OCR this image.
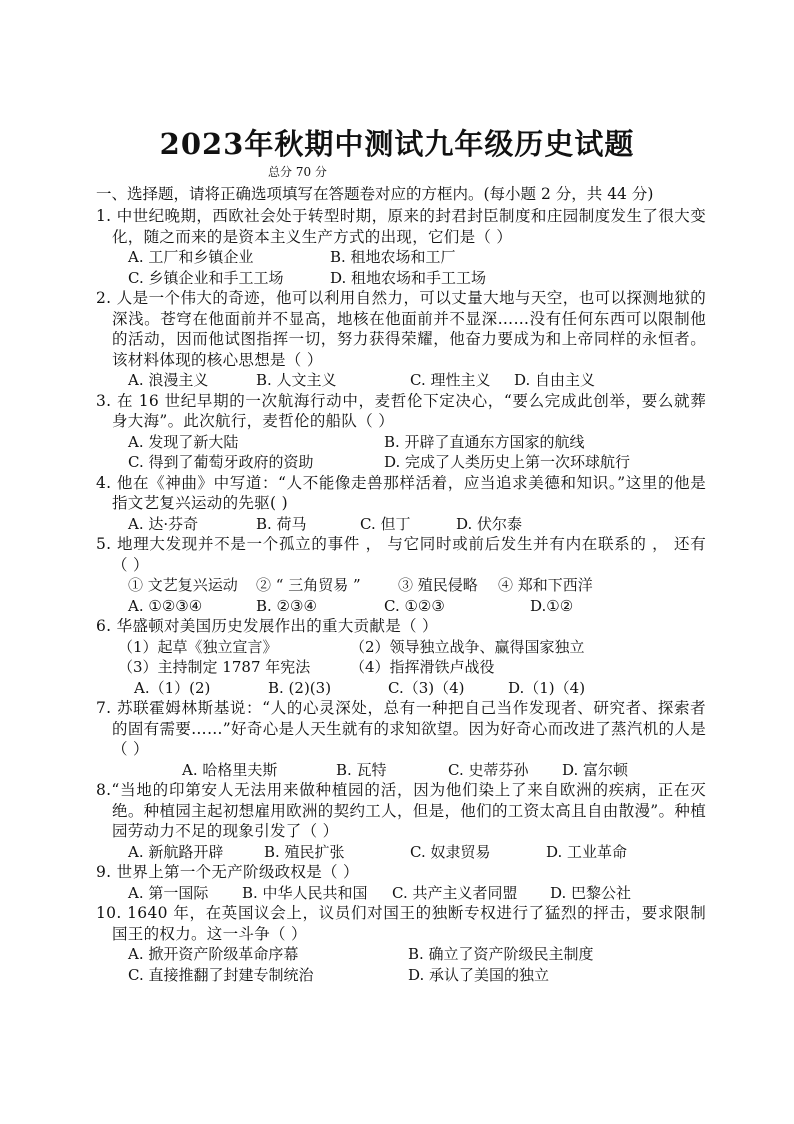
2023年秋期中测试九年级历史试题
总分 70 分
一、选择题，请将正确选项填写在答题卷对应的方框内。(每小题 2 分，共 44 分)

1. 中世纪晚期，西欧社会处于转型时期，原来的封君封臣制度和庄园制度发生了很大变化，随之而来的是资本主义生产方式的出现，它们是（ ）

A. 工厂和乡镇企业	B. 租地农场和工厂
C. 乡镇企业和手工工场	D. 租地农场和手工工场

2. 人是一个伟大的奇迹，他可以利用自然力，可以丈量大地与天空，也可以探测地狱的深浅。苍穹在他面前并不显高，地核在他面前并不显深……没有任何东西可以限制他的活动，因而他试图指挥一切，努力获得荣耀，他奋力要成为和上帝同样的永恒者。该材料体现的核心思想是（ ）

A. 浪漫主义	B. 人文主义	C. 理性主义	D. 自由主义

3. 在 16 世纪早期的一次航海行动中，麦哲伦下定决心，“要么完成此创举，要么就葬身大海”。此次航行，麦哲伦的船队（ ）

A. 发现了新大陆	B. 开辟了直通东方国家的航线
C. 得到了葡萄牙政府的资助	D. 完成了人类历史上第一次环球航行

4. 他在《神曲》中写道：“人不能像走兽那样活着，应当追求美德和知识。”这里的他是指文艺复兴运动的先驱( )

A. 达·芬奇	B. 荷马	C. 但丁	D. 伏尔泰

5. 地理大发现并不是一个孤立的事件 ， 与它同时或前后发生并有内在联系的 ， 还有（ ）

① 文艺复兴运动	② “ 三角贸易 ”	③ 殖民侵略	④ 郑和下西洋
A. ①②③④	B. ②③④	C. ①②③	D.①②

6. 华盛顿对美国历史发展作出的重大贡献是（ ）

（1）起草《独立宣言》	（2）领导独立战争、赢得国家独立
（3）主持制定 1787 年宪法	（4）指挥滑铁卢战役
A.（1）(2)	B. (2)(3)	C.（3)（4)	D.（1)（4)

7. 苏联霍姆林斯基说：“人的心灵深处，总有一种把自己当作发现者、研究者、探索者的固有需要……”好奇心是人天生就有的求知欲望。因为好奇心而改进了蒸汽机的人是（ ）

A. 哈格里夫斯	B. 瓦特	C. 史蒂芬孙	D. 富尔顿

8.“当地的印第安人无法用来做种植园的活，因为他们染上了来自欧洲的疾病，正在灭绝。种植园主起初想雇用欧洲的契约工人，但是，他们的工资太高且自由散漫”。种植园劳动力不足的现象引发了（ ）

A. 新航路开辟	B. 殖民扩张	C. 奴隶贸易	D. 工业革命

9. 世界上第一个无产阶级政权是（ ）

A. 第一国际	B. 中华人民共和国	C. 共产主义者同盟	D. 巴黎公社

10. 1640 年，在英国议会上，议员们对国王的独断专权进行了猛烈的抨击，要求限制国王的权力。这一斗争（ ）

A. 掀开资产阶级革命序幕	B. 确立了资产阶级民主制度
C. 直接推翻了封建专制统治	D. 承认了美国的独立
